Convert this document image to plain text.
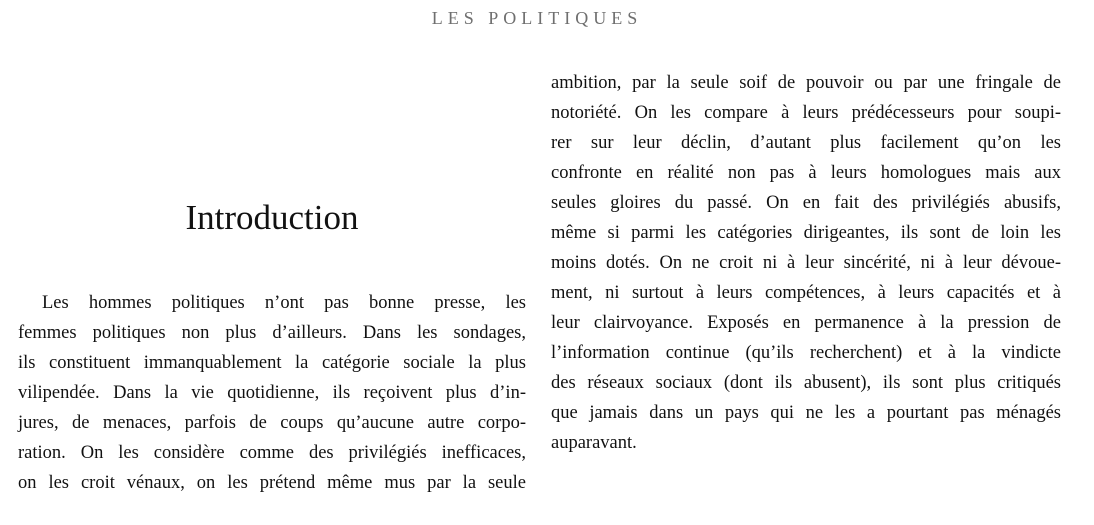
LES POLITIQUES
Introduction
Les hommes politiques n’ont pas bonne presse, les
femmes politiques non plus d’ailleurs. Dans les sondages,
ils constituent immanquablement la catégorie sociale la plus
vilipendée. Dans la vie quotidienne, ils reçoivent plus d’in-
jures, de menaces, parfois de coups qu’aucune autre corpo-
ration. On les considère comme des privilégiés inefficaces,
on les croit vénaux, on les prétend même mus par la seule
ambition, par la seule soif de pouvoir ou par une fringale de
notoriété. On les compare à leurs prédécesseurs pour soupi-
rer sur leur déclin, d’autant plus facilement qu’on les
confronte en réalité non pas à leurs homologues mais aux
seules gloires du passé. On en fait des privilégiés abusifs,
même si parmi les catégories dirigeantes, ils sont de loin les
moins dotés. On ne croit ni à leur sincérité, ni à leur dévoue-
ment, ni surtout à leurs compétences, à leurs capacités et à
leur clairvoyance. Exposés en permanence à la pression de
l’information continue (qu’ils recherchent) et à la vindicte
des réseaux sociaux (dont ils abusent), ils sont plus critiqués
que jamais dans un pays qui ne les a pourtant pas ménagés
auparavant.
